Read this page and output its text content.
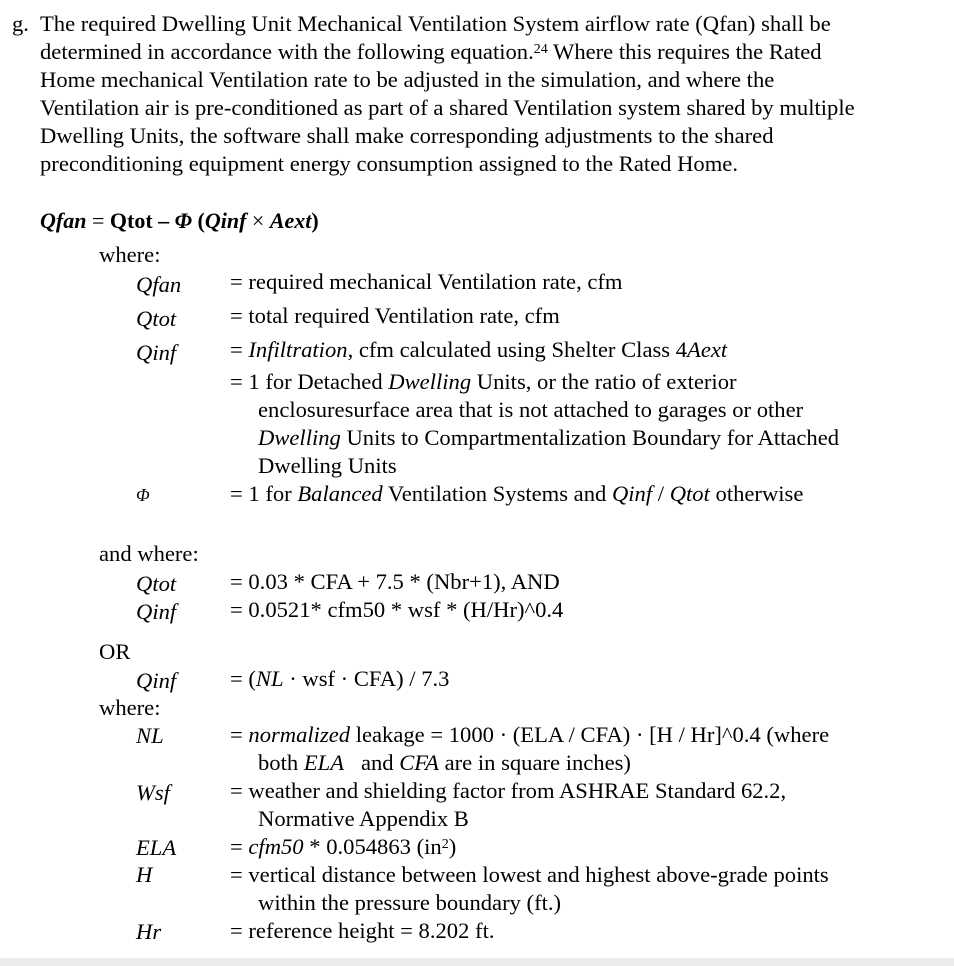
g. The required Dwelling Unit Mechanical Ventilation System airflow rate (Qfan) shall be
determined in accordance with the following equation.$^{24}$ Where this requires the Rated
Home mechanical Ventilation rate to be adjusted in the simulation, and where the
Ventilation air is pre-conditioned as part of a shared Ventilation system shared by multiple
Dwelling Units, the software shall make corresponding adjustments to the shared
preconditioning equipment energy consumption assigned to the Rated Home.
Qfan = Qtot – Φ (Qinf × Aext)
where:
Qfan = required mechanical Ventilation rate, cfm
Qtot = total required Ventilation rate, cfm
Qinf = Infiltration, cfm calculated using Shelter Class 4Aext
= 1 for Detached Dwelling Units, or the ratio of exterior
enclosuresurface area that is not attached to garages or other
Dwelling Units to Compartmentalization Boundary for Attached
Dwelling Units
Φ	= 1 for Balanced Ventilation Systems and Qinf / Qtot otherwise
and where:
Qtot = 0.03 * CFA + 7.5 * (Nbr+1), AND
Qinf = 0.0521* cfm50 * wsf * (H/Hr)^0.4
OR
Qinf = (NL · wsf · CFA) / 7.3
where:
NL	= normalized leakage = 1000 · (ELA / CFA) · [H / Hr]^0.4 (where
both ELA   and CFA are in square inches)
Wsf	= weather and shielding factor from ASHRAE Standard 62.2,
Normative Appendix B
ELA = cfm50 * 0.054863 $(in^2)$
H	= vertical distance between lowest and highest above-grade points
within the pressure boundary (ft.)
Hr	= reference height = 8.202 ft.
